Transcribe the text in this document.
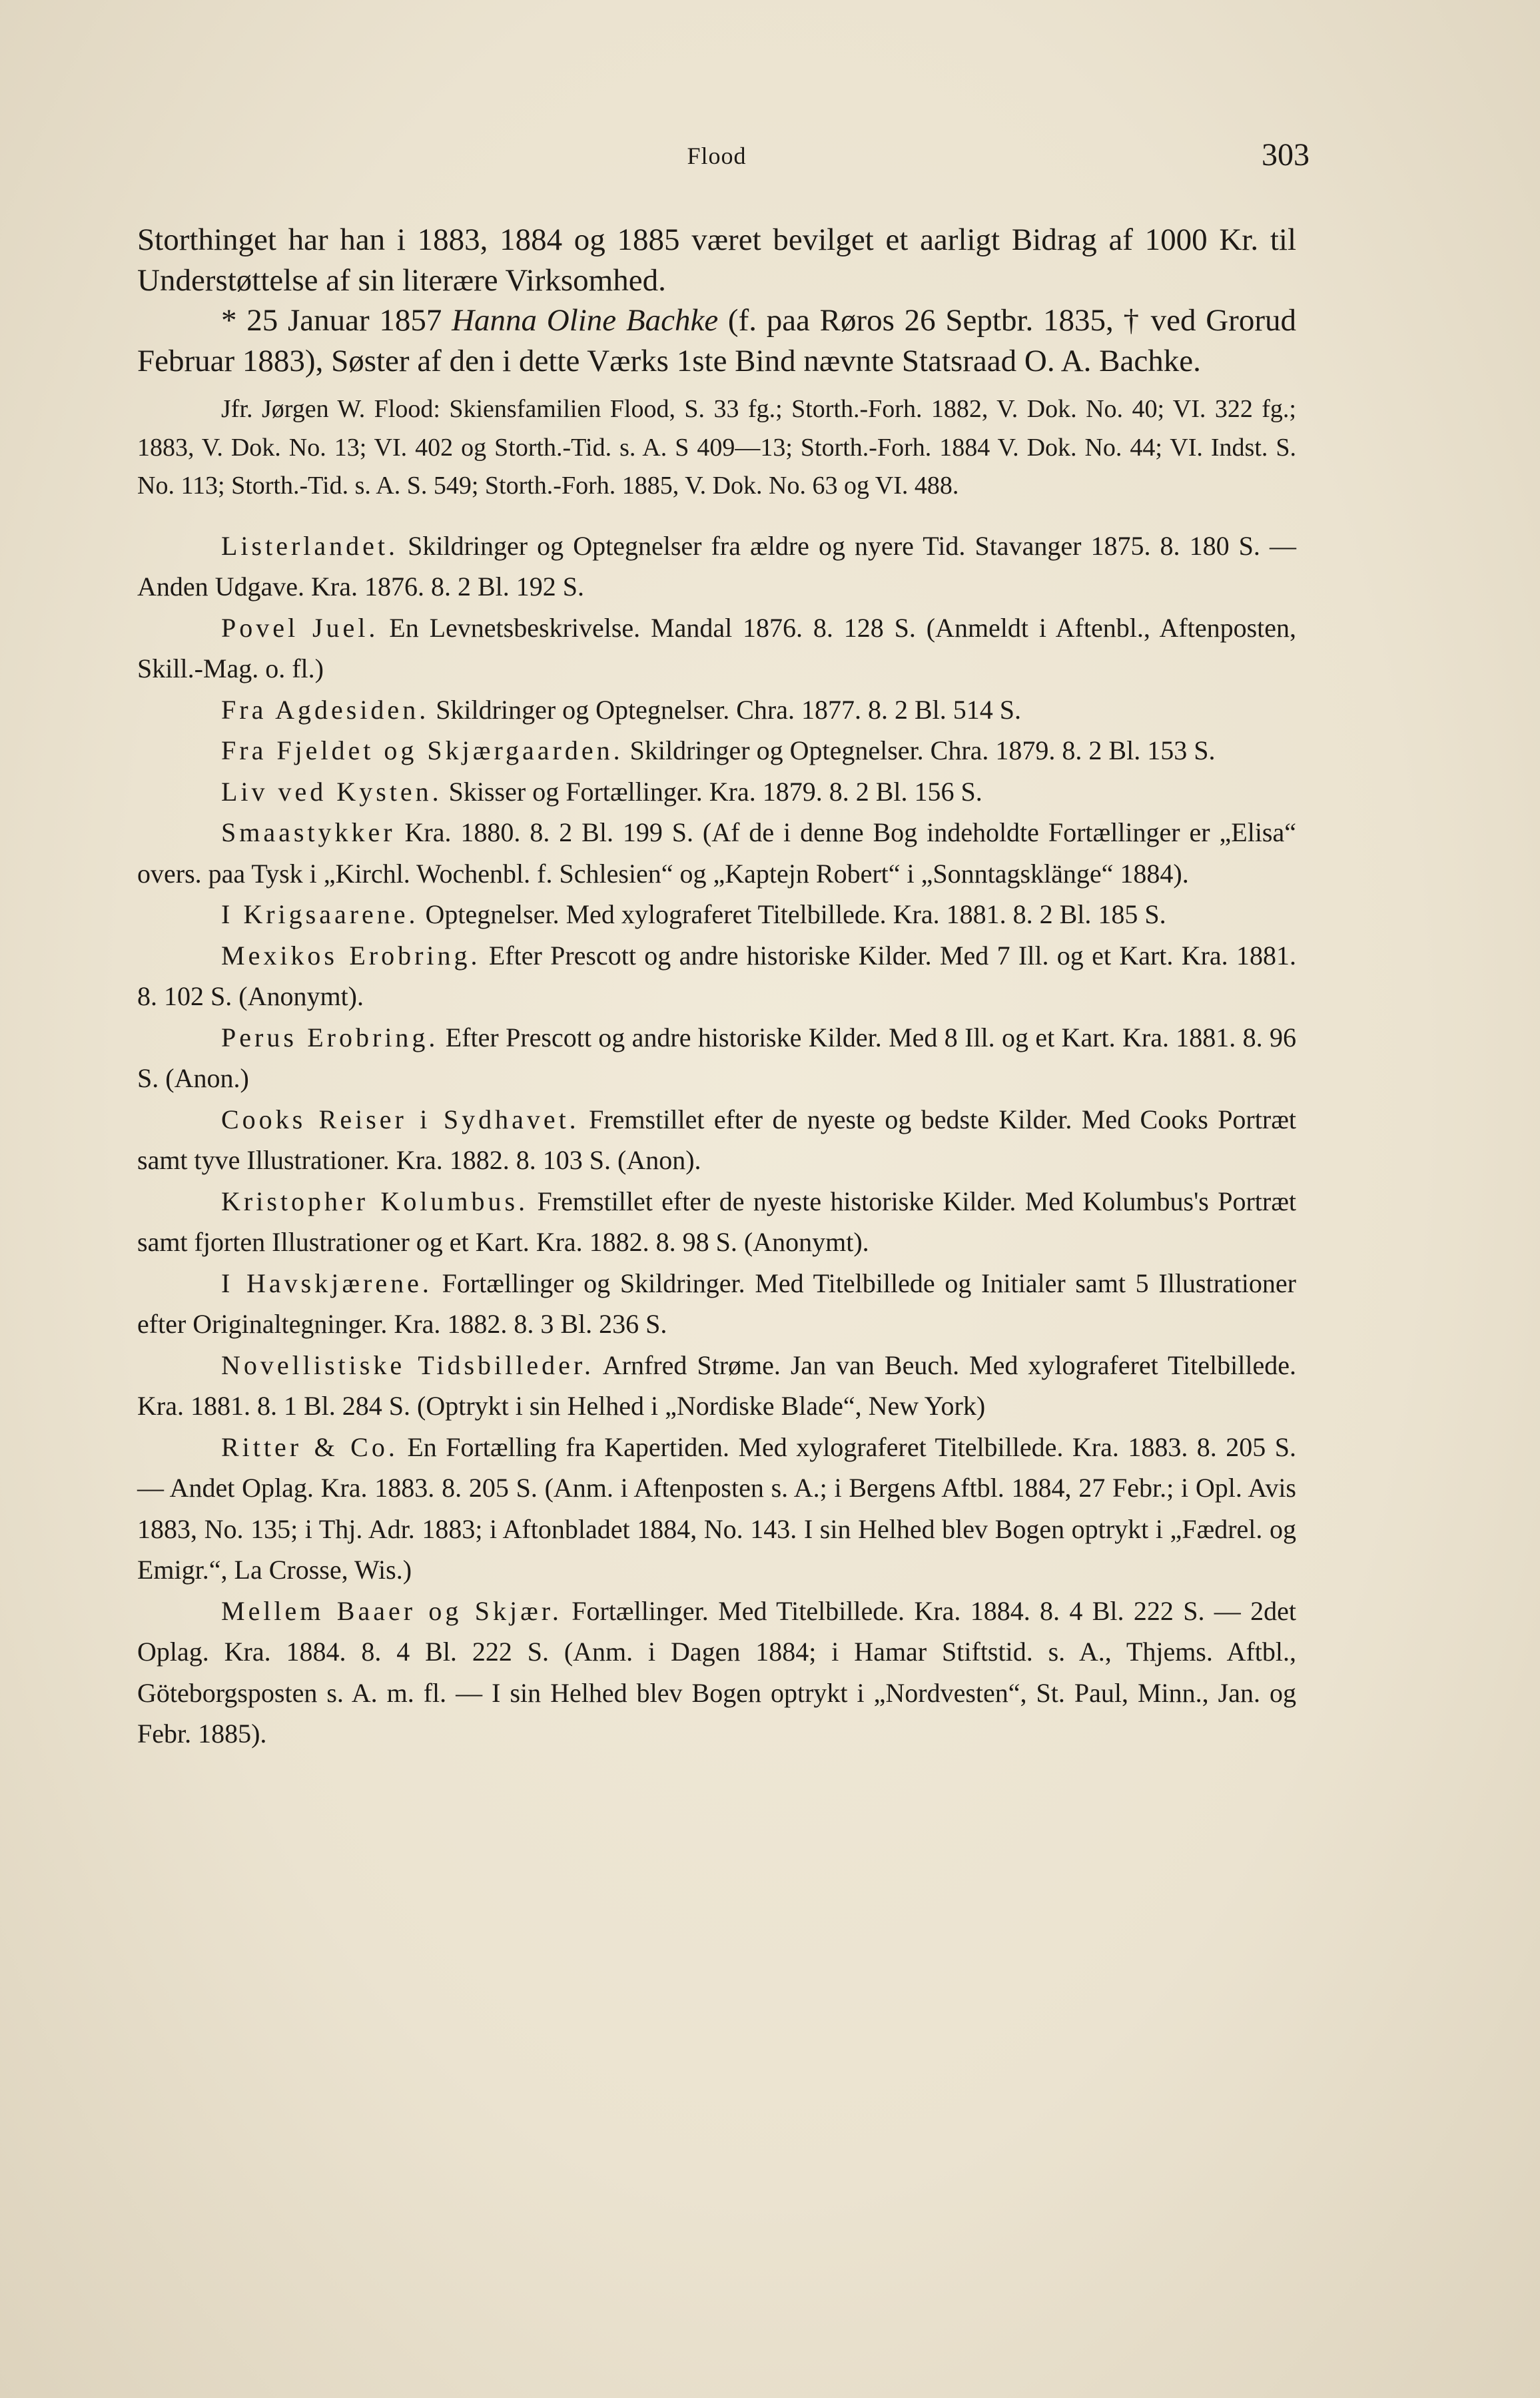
Flood	303

Storthinget har han i 1883, 1884 og 1885 været bevilget et aarligt Bidrag af 1000 Kr. til Understøttelse af sin literære Virksomhed.

* 25 Januar 1857 Hanna Oline Bachke (f. paa Røros 26 Septbr. 1835, † ved Grorud Februar 1883), Søster af den i dette Værks 1ste Bind nævnte Statsraad O. A. Bachke.

Jfr. Jørgen W. Flood: Skiensfamilien Flood, S. 33 fg.; Storth.-Forh. 1882, V. Dok. No. 40; VI. 322 fg.; 1883, V. Dok. No. 13; VI. 402 og Storth.-Tid. s. A. S 409—13; Storth.-Forh. 1884 V. Dok. No. 44; VI. Indst. S. No. 113; Storth.-Tid. s. A. S. 549; Storth.-Forh. 1885, V. Dok. No. 63 og VI. 488.

Listerlandet. Skildringer og Optegnelser fra ældre og nyere Tid. Stavanger 1875. 8. 180 S. — Anden Udgave. Kra. 1876. 8. 2 Bl. 192 S.

Povel Juel. En Levnetsbeskrivelse. Mandal 1876. 8. 128 S. (Anmeldt i Aftenbl., Aftenposten, Skill.-Mag. o. fl.)

Fra Agdesiden. Skildringer og Optegnelser. Chra. 1877. 8. 2 Bl. 514 S.

Fra Fjeldet og Skjærgaarden. Skildringer og Optegnelser. Chra. 1879. 8. 2 Bl. 153 S.

Liv ved Kysten. Skisser og Fortællinger. Kra. 1879. 8. 2 Bl. 156 S.

Smaastykker Kra. 1880. 8. 2 Bl. 199 S. (Af de i denne Bog indeholdte Fortællinger er „Elisa“ overs. paa Tysk i „Kirchl. Wochenbl. f. Schlesien“ og „Kaptejn Robert“ i „Sonntagsklänge“ 1884).

I Krigsaarene. Optegnelser. Med xylograferet Titelbillede. Kra. 1881. 8. 2 Bl. 185 S.

Mexikos Erobring. Efter Prescott og andre historiske Kilder. Med 7 Ill. og et Kart. Kra. 1881. 8. 102 S. (Anonymt).

Perus Erobring. Efter Prescott og andre historiske Kilder. Med 8 Ill. og et Kart. Kra. 1881. 8. 96 S. (Anon.)

Cooks Reiser i Sydhavet. Fremstillet efter de nyeste og bedste Kilder. Med Cooks Portræt samt tyve Illustrationer. Kra. 1882. 8. 103 S. (Anon).

Kristopher Kolumbus. Fremstillet efter de nyeste historiske Kilder. Med Kolumbus's Portræt samt fjorten Illustrationer og et Kart. Kra. 1882. 8. 98 S. (Anonymt).

I Havskjærene. Fortællinger og Skildringer. Med Titelbillede og Initialer samt 5 Illustrationer efter Originaltegninger. Kra. 1882. 8. 3 Bl. 236 S.

Novellistiske Tidsbilleder. Arnfred Strøme. Jan van Beuch. Med xylograferet Titelbillede. Kra. 1881. 8. 1 Bl. 284 S. (Optrykt i sin Helhed i „Nordiske Blade“, New York)

Ritter & Co. En Fortælling fra Kapertiden. Med xylograferet Titelbillede. Kra. 1883. 8. 205 S. — Andet Oplag. Kra. 1883. 8. 205 S. (Anm. i Aftenposten s. A.; i Bergens Aftbl. 1884, 27 Febr.; i Opl. Avis 1883, No. 135; i Thj. Adr. 1883; i Aftonbladet 1884, No. 143. I sin Helhed blev Bogen optrykt i „Fædrel. og Emigr.“, La Crosse, Wis.)

Mellem Baaer og Skjær. Fortællinger. Med Titelbillede. Kra. 1884. 8. 4 Bl. 222 S. — 2det Oplag. Kra. 1884. 8. 4 Bl. 222 S. (Anm. i Dagen 1884; i Hamar Stiftstid. s. A., Thjems. Aftbl., Göteborgsposten s. A. m. fl. — I sin Helhed blev Bogen optrykt i „Nordvesten“, St. Paul, Minn., Jan. og Febr. 1885).
